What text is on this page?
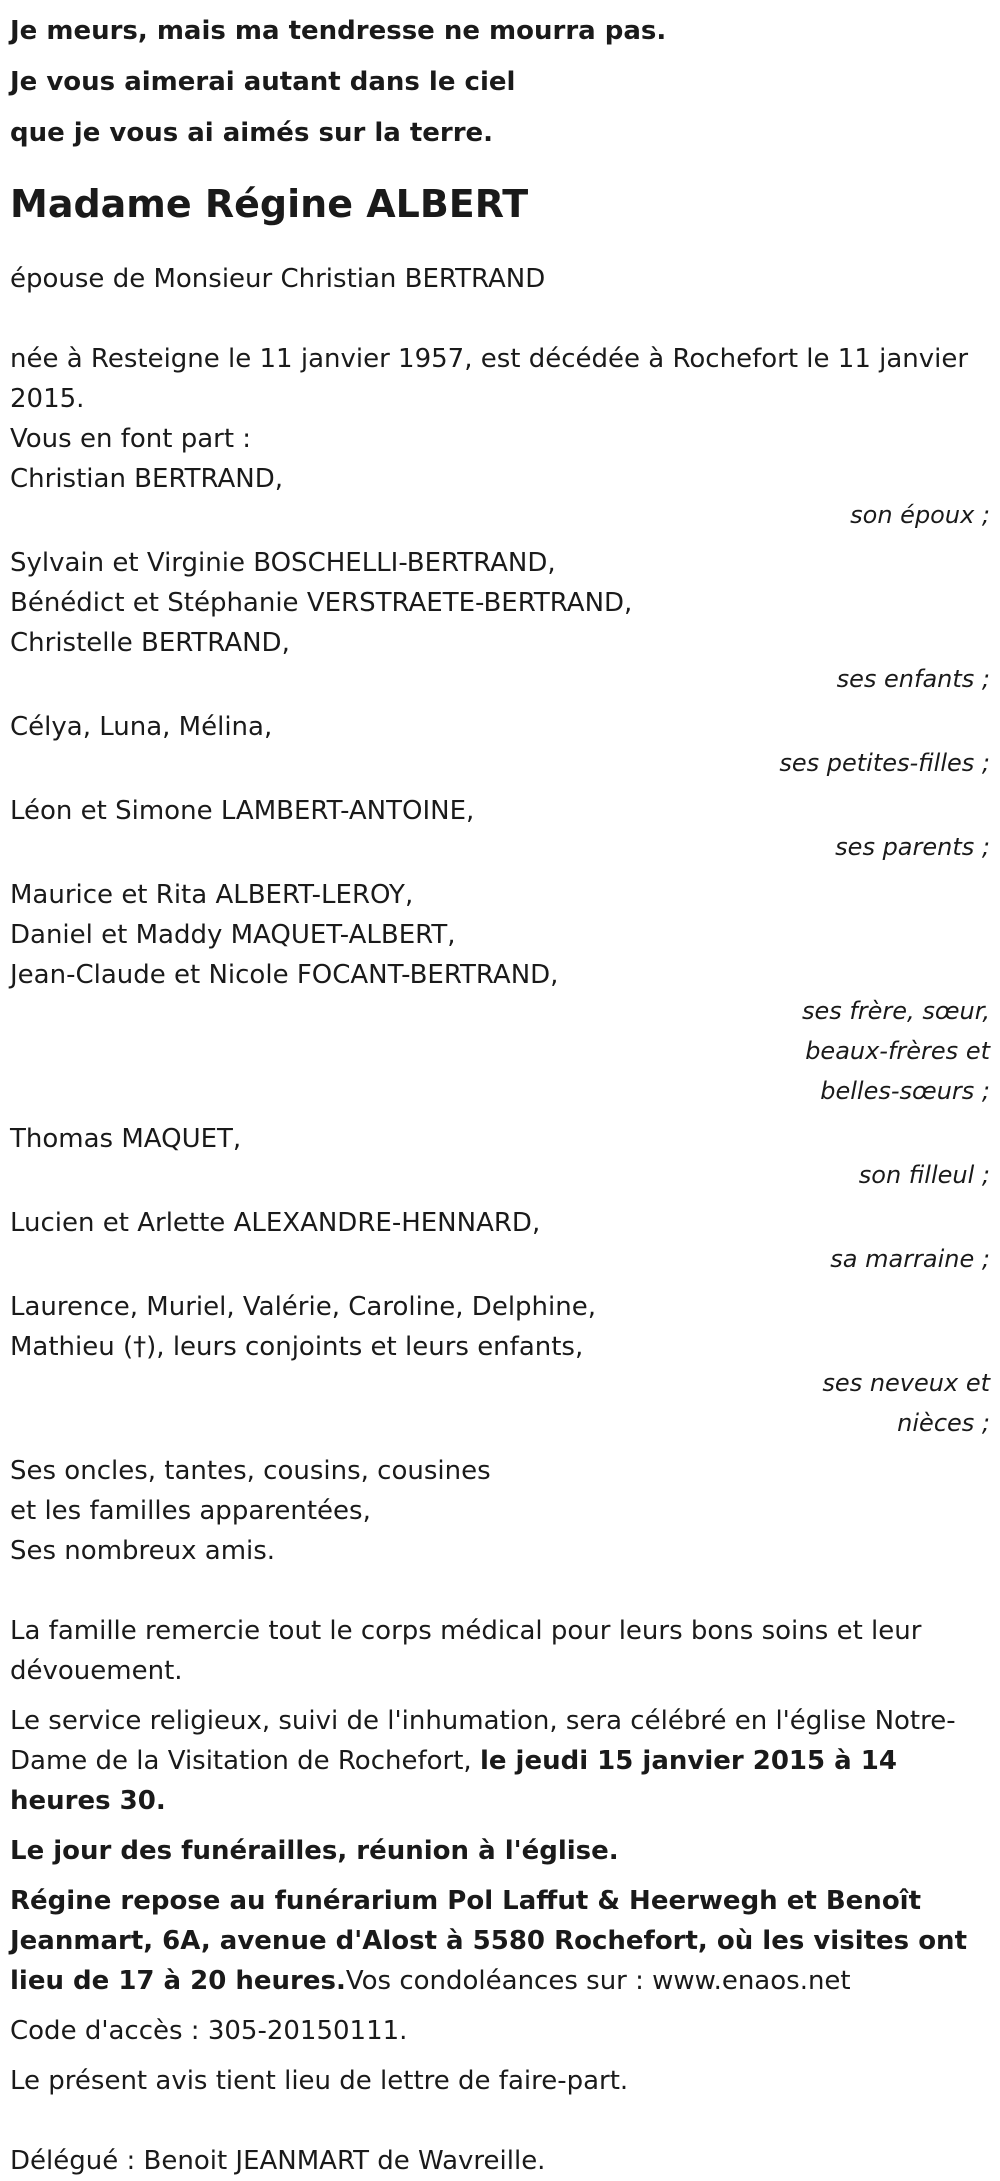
Je meurs, mais ma tendresse ne mourra pas.
Je vous aimerai autant dans le ciel
que je vous ai aimés sur la terre.
Madame Régine ALBERT
épouse de Monsieur Christian BERTRAND
née à Resteigne le 11 janvier 1957, est décédée à Rochefort le 11 janvier 2015.
Vous en font part :
Christian BERTRAND,
son époux ;
Sylvain et Virginie BOSCHELLI-BERTRAND,
Bénédict et Stéphanie VERSTRAETE-BERTRAND,
Christelle BERTRAND,
ses enfants ;
Célya, Luna, Mélina,
ses petites-filles ;
Léon et Simone LAMBERT-ANTOINE,
ses parents ;
Maurice et Rita ALBERT-LEROY,
Daniel et Maddy MAQUET-ALBERT,
Jean-Claude et Nicole FOCANT-BERTRAND,
ses frère, sœur,
beaux-frères et
belles-sœurs ;
Thomas MAQUET,
son filleul ;
Lucien et Arlette ALEXANDRE-HENNARD,
sa marraine ;
Laurence, Muriel, Valérie, Caroline, Delphine,
Mathieu (†), leurs conjoints et leurs enfants,
ses neveux et
nièces ;
Ses oncles, tantes, cousins, cousines
et les familles apparentées,
Ses nombreux amis.
La famille remercie tout le corps médical pour leurs bons soins et leur dévouement.
Le service religieux, suivi de l'inhumation, sera célébré en l'église Notre-Dame de la Visitation de Rochefort, le jeudi 15 janvier 2015 à 14 heures 30.
Le jour des funérailles, réunion à l'église.
Régine repose au funérarium Pol Laffut & Heerwegh et Benoît Jeanmart, 6A, avenue d'Alost à 5580 Rochefort, où les visites ont lieu de 17 à 20 heures.Vos condoléances sur : www.enaos.net
Code d'accès : 305-20150111.
Le présent avis tient lieu de lettre de faire-part.
Délégué : Benoit JEANMART de Wavreille.
